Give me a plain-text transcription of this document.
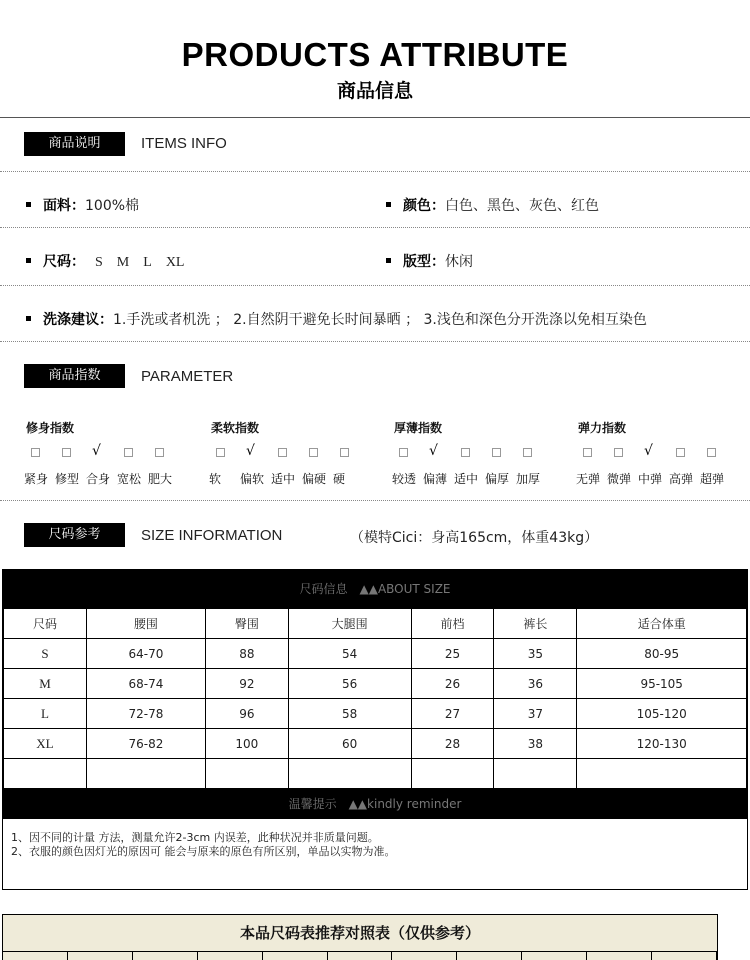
PRODUCTS ATTRIBUTE
商品信息
商品说明	ITEMS INFO
面料：100%棉	颜色：白色、黑色、灰色、红色
尺码： S M L XL	版型：休闲
洗涤建议：1.手洗或者机洗 ； 2.自然阴干避免长时间暴晒 ； 3.浅色和深色分开洗涤以免相互染色
商品指数	PARAMETER
修身指数
紧身 修型
√
合身 宽松 肥大
柔软指数
软
√
偏软 适中 偏硬 硬
厚薄指数
较透
√
偏薄 适中 偏厚 加厚
弹力指数
无弹 微弹
√
中弹 高弹 超弹
尺码参考	SIZE INFORMATION	（模特Cici：身高165cm，体重43kg）
尺码信息　▲▲ABOUT SIZE
尺码	腰围	臀围	大腿围	前档	裤长	适合体重
S	64-70	88	54	25	35	80-95
M	68-74	92	56	26	36	95-105
L	72-78	96	58	27	37	105-120
XL	76-82	100	60	28	38	120-130

温馨提示　▲▲kindly reminder
1、因不同的计量 方法，测量允许2-3cm 内误差，此种状况并非质量问题。
2、衣服的颜色因灯光的原因可 能会与原来的原色有所区别，单品以实物为准。
本品尺码表推荐对照表（仅供参考）
